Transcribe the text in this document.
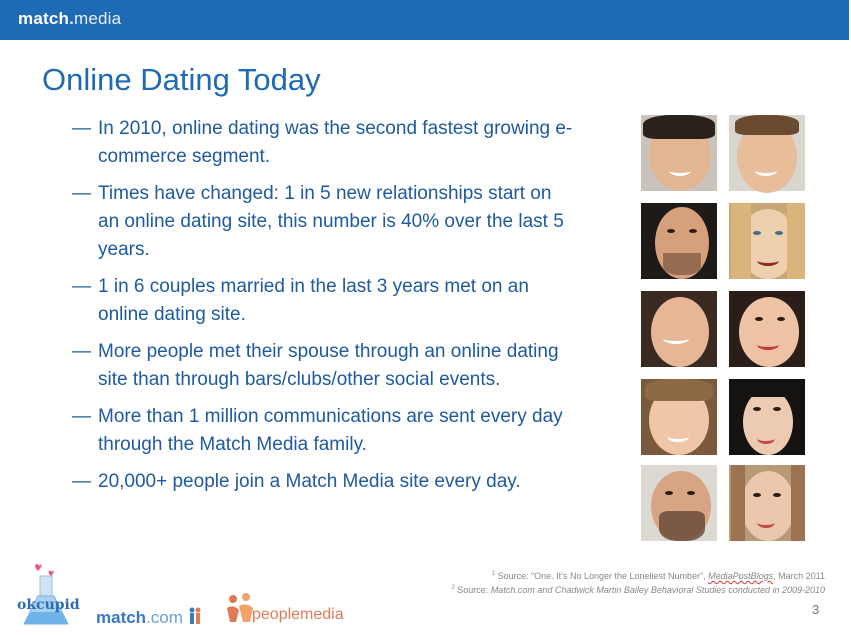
match.media
Online Dating Today
— In 2010, online dating was the second fastest growing e-commerce segment.
— Times have changed: 1 in 5 new relationships start on an online dating site, this number is 40% over the last 5 years.
— 1 in 6 couples married in the last 3 years met on an online dating site.
— More people met their spouse through an online dating site than through bars/clubs/other social events.
— More than 1 million communications are sent every day through the Match Media family.
— 20,000+ people join a Match Media site every day.
$^1$ Source: “One. It’s No Longer the Loneliest Number”, MediaPostBlogs, March 2011
$^2$ Source: Match.com and Chadwick Martin Bailey Behavioral Studies conducted in 2009-2010
3
okcupid
match.com	peoplemedia
